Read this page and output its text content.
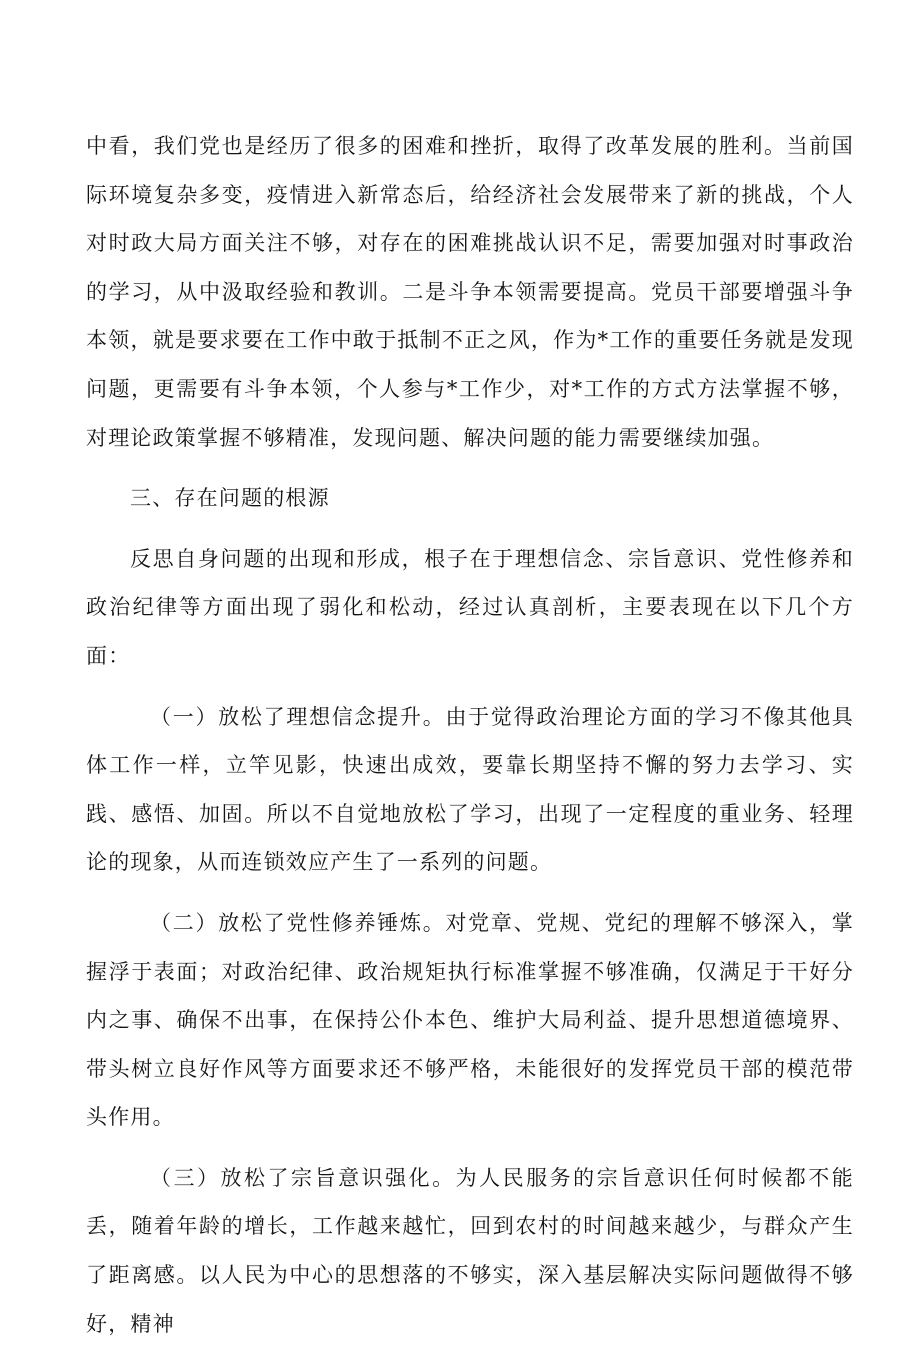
中看，我们党也是经历了很多的困难和挫折，取得了改革发展的胜利。当前国际环境复杂多变，疫情进入新常态后，给经济社会发展带来了新的挑战，个人对时政大局方面关注不够，对存在的困难挑战认识不足，需要加强对时事政治的学习，从中汲取经验和教训。二是斗争本领需要提高。党员干部要增强斗争本领，就是要求要在工作中敢于抵制不正之风，作为*工作的重要任务就是发现问题，更需要有斗争本领，个人参与*工作少，对*工作的方式方法掌握不够，对理论政策掌握不够精准，发现问题、解决问题的能力需要继续加强。

三、存在问题的根源

反思自身问题的出现和形成，根子在于理想信念、宗旨意识、党性修养和政治纪律等方面出现了弱化和松动，经过认真剖析，主要表现在以下几个方面：

（一）放松了理想信念提升。由于觉得政治理论方面的学习不像其他具体工作一样，立竿见影，快速出成效，要靠长期坚持不懈的努力去学习、实践、感悟、加固。所以不自觉地放松了学习，出现了一定程度的重业务、轻理论的现象，从而连锁效应产生了一系列的问题。

（二）放松了党性修养锤炼。对党章、党规、党纪的理解不够深入，掌握浮于表面；对政治纪律、政治规矩执行标准掌握不够准确，仅满足于干好分内之事、确保不出事，在保持公仆本色、维护大局利益、提升思想道德境界、带头树立良好作风等方面要求还不够严格，未能很好的发挥党员干部的模范带头作用。

（三）放松了宗旨意识强化。为人民服务的宗旨意识任何时候都不能丢，随着年龄的增长，工作越来越忙，回到农村的时间越来越少，与群众产生了距离感。以人民为中心的思想落的不够实，深入基层解决实际问题做得不够好，精神
